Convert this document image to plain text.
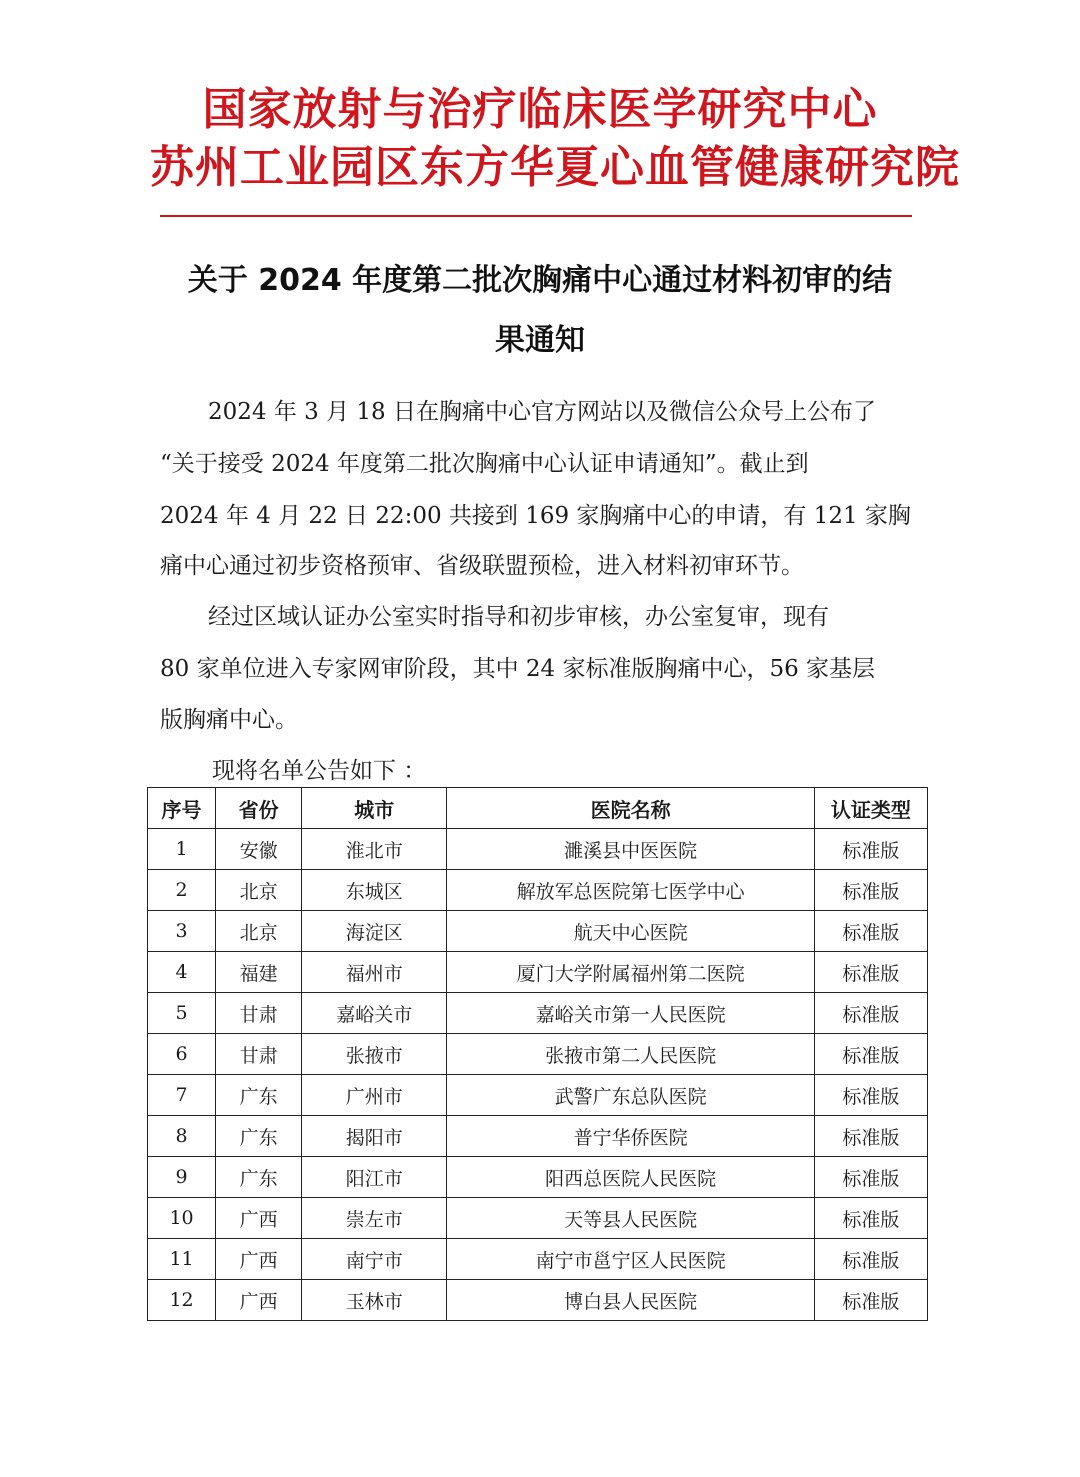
国家放射与治疗临床医学研究中心
苏州工业园区东方华夏心血管健康研究院
关于 2024 年度第二批次胸痛中心通过材料初审的结
果通知
2024 年 3 月 18 日在胸痛中心官方网站以及微信公众号上公布了
“关于接受 2024 年度第二批次胸痛中心认证申请通知”。截止到
2024 年 4 月 22 日 22:00 共接到 169 家胸痛中心的申请，有 121 家胸
痛中心通过初步资格预审、省级联盟预检，进入材料初审环节。
经过区域认证办公室实时指导和初步审核，办公室复审，现有
80 家单位进入专家网审阶段，其中 24 家标准版胸痛中心，56 家基层
版胸痛中心。
现将名单公告如下 ：
序号	省份	城市	医院名称	认证类型
1	安徽	淮北市	濉溪县中医医院	标准版
2	北京	东城区	解放军总医院第七医学中心	标准版
3	北京	海淀区	航天中心医院	标准版
4	福建	福州市	厦门大学附属福州第二医院	标准版
5	甘肃	嘉峪关市	嘉峪关市第一人民医院	标准版
6	甘肃	张掖市	张掖市第二人民医院	标准版
7	广东	广州市	武警广东总队医院	标准版
8	广东	揭阳市	普宁华侨医院	标准版
9	广东	阳江市	阳西总医院人民医院	标准版
10	广西	崇左市	天等县人民医院	标准版
11	广西	南宁市	南宁市邕宁区人民医院	标准版
12	广西	玉林市	博白县人民医院	标准版
